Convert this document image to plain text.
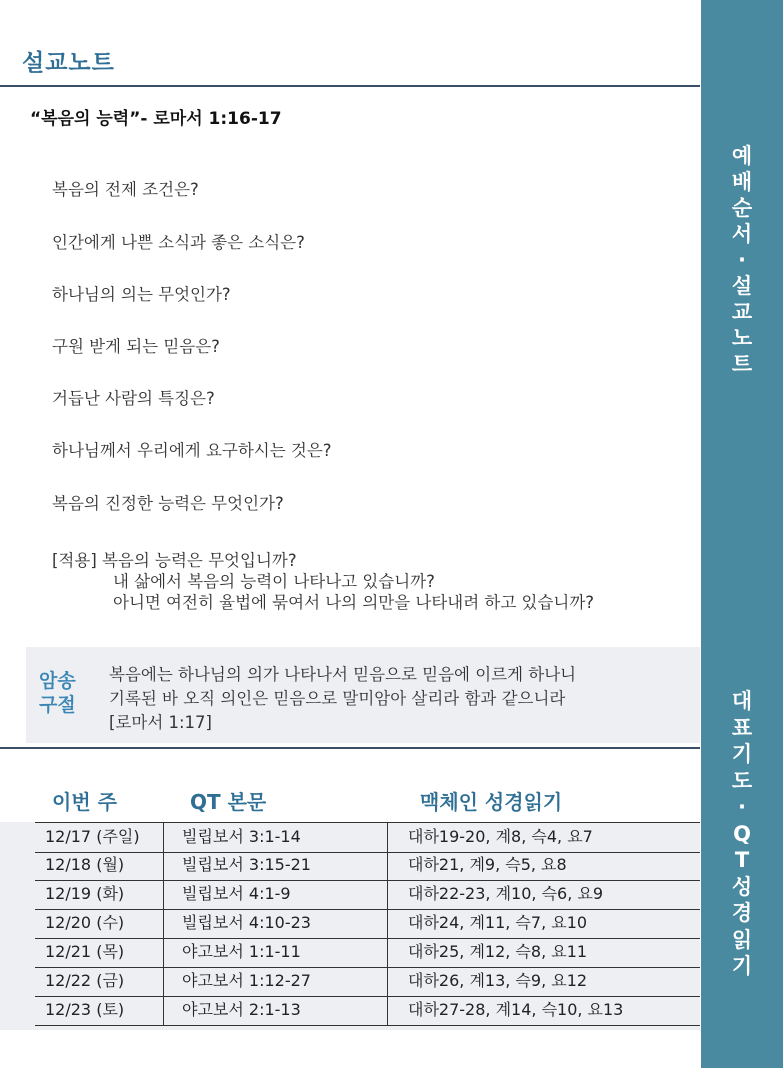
설교노트
“복음의 능력”- 로마서 1:16-17
복음의 전제 조건은?
인간에게 나쁜 소식과 좋은 소식은?
하나님의 의는 무엇인가?
구원 받게 되는 믿음은?
거듭난 사람의 특징은?
하나님께서 우리에게 요구하시는 것은?
복음의 진정한 능력은 무엇인가?
[적용] 복음의 능력은 무엇입니까?
내 삶에서 복음의 능력이 나타나고 있습니까?
아니면 여전히 율법에 묶여서 나의 의만을 나타내려 하고 있습니까?
암송
구절
복음에는 하나님의 의가 나타나서 믿음으로 믿음에 이르게 하나니
기록된 바 오직 의인은 믿음으로 말미암아 살리라 함과 같으니라
[로마서 1:17]
이번 주	QT 본문	맥체인 성경읽기
12/17 (주일)	빌립보서 3:1-14	대하19-20, 계8, 슥4, 요7
12/18 (월)	빌립보서 3:15-21	대하21, 계9, 슥5, 요8
12/19 (화)	빌립보서 4:1-9	대하22-23, 계10, 슥6, 요9
12/20 (수)	빌립보서 4:10-23	대하24, 계11, 슥7, 요10
12/21 (목)	야고보서 1:1-11	대하25, 계12, 슥8, 요11
12/22 (금)	야고보서 1:12-27	대하26, 계13, 슥9, 요12
12/23 (토)	야고보서 2:1-13	대하27-28, 계14, 슥10, 요13
예
배
순
서
·
설
교
노
트
대
표
기
도
·
Q
T
성
경
읽
기
